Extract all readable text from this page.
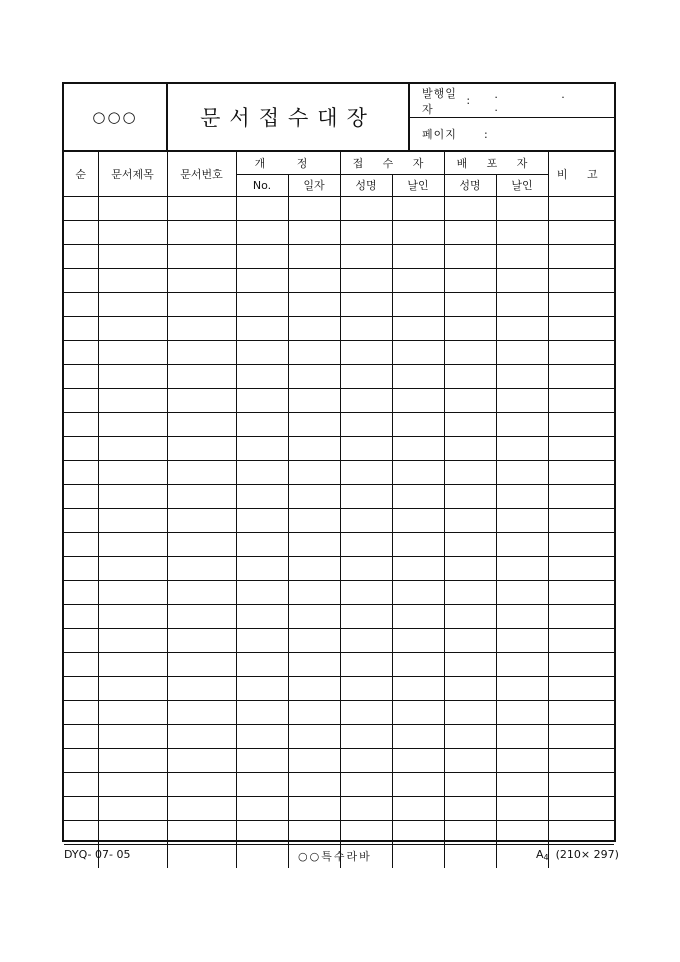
○○○	문서접수대장
발행일자
:	. . .
페이지	:
순	문서제목	문서번호	개 정		접 수 자		배 포 자		비 고
			No.	일자	성명	날인	성명	날인	

DYQ- 07- 05	○○특수라바	$A_4$ (210× 297)
